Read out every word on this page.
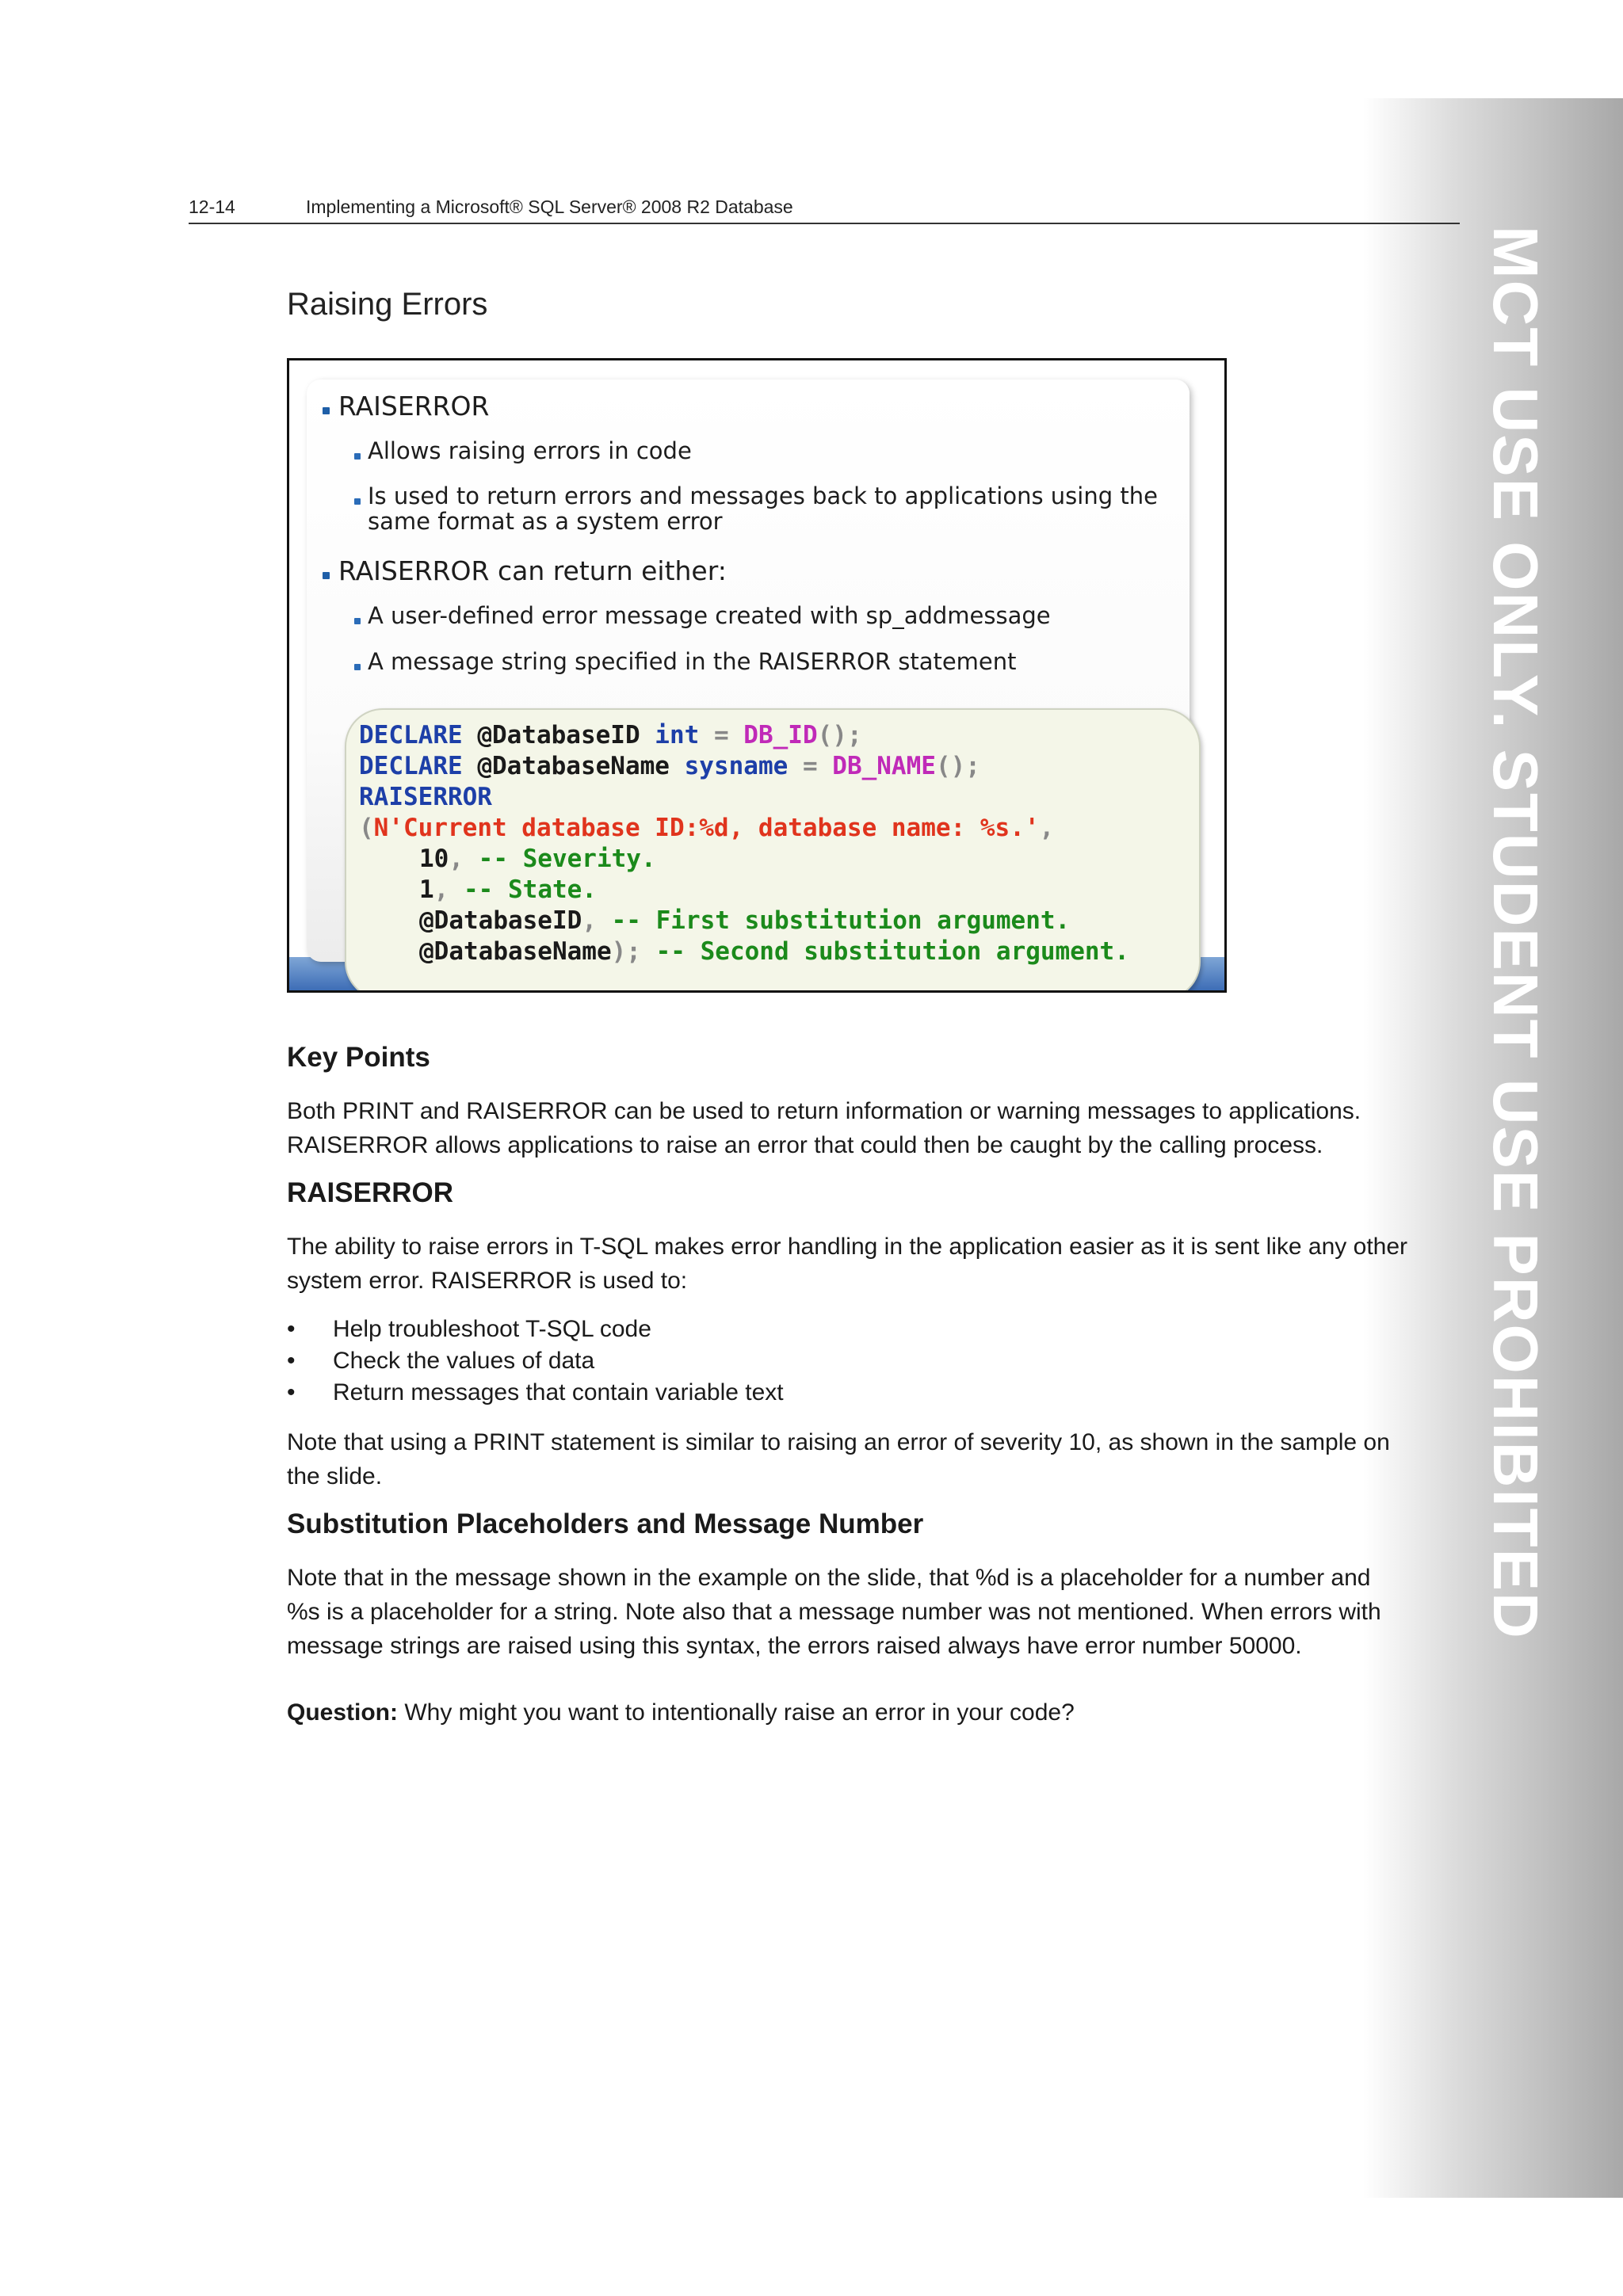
MCT USE ONLY. STUDENT USE PROHIBITED
12-14	Implementing a Microsoft® SQL Server® 2008 R2 Database
Raising Errors
RAISERROR
Allows raising errors in code
Is used to return errors and messages back to applications using the
same format as a system error
RAISERROR can return either:
A user-defined error message created with sp_addmessage
A message string specified in the RAISERROR statement
DECLARE @DatabaseID int = DB_ID();
DECLARE @DatabaseName sysname = DB_NAME();
RAISERROR
(N'Current database ID:%d, database name: %s.',
10, -- Severity.
1, -- State.
@DatabaseID, -- First substitution argument.
@DatabaseName); -- Second substitution argument.
Key Points
Both PRINT and RAISERROR can be used to return information or warning messages to applications.
RAISERROR allows applications to raise an error that could then be caught by the calling process.
RAISERROR
The ability to raise errors in T-SQL makes error handling in the application easier as it is sent like any other
system error. RAISERROR is used to:
• Help troubleshoot T-SQL code
• Check the values of data
• Return messages that contain variable text
Note that using a PRINT statement is similar to raising an error of severity 10, as shown in the sample on
the slide.
Substitution Placeholders and Message Number
Note that in the message shown in the example on the slide, that %d is a placeholder for a number and
%s is a placeholder for a string. Note also that a message number was not mentioned. When errors with
message strings are raised using this syntax, the errors raised always have error number 50000.
Question: Why might you want to intentionally raise an error in your code?
